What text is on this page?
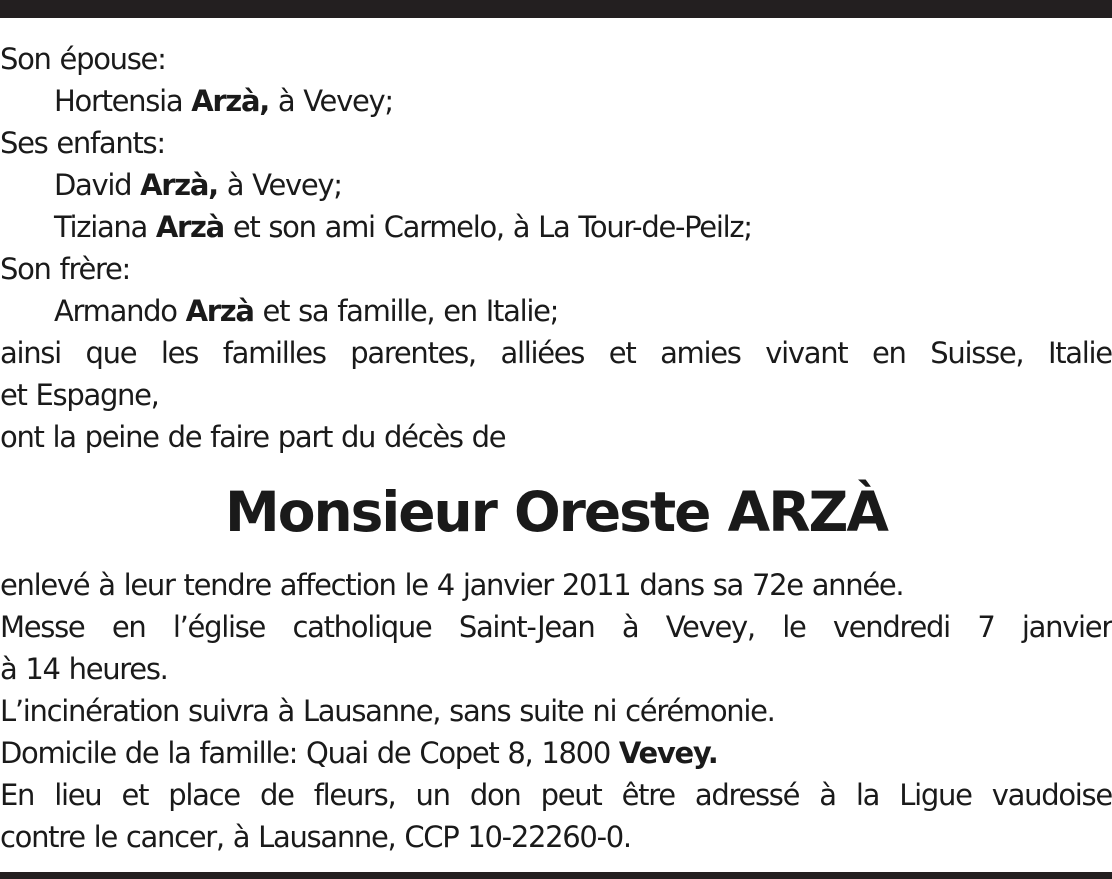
Son épouse:
Hortensia Arzà, à Vevey;
Ses enfants:
David Arzà, à Vevey;
Tiziana Arzà et son ami Carmelo, à La Tour-de-Peilz;
Son frère:
Armando Arzà et sa famille, en Italie;
ainsi que les familles parentes, alliées et amies vivant en Suisse, Italie
et Espagne,
ont la peine de faire part du décès de
Monsieur Oreste ARZÀ
enlevé à leur tendre affection le 4 janvier 2011 dans sa 72e année.
Messe en l’église catholique Saint-Jean à Vevey, le vendredi 7 janvier
à 14 heures.
L’incinération suivra à Lausanne, sans suite ni cérémonie.
Domicile de la famille: Quai de Copet 8, 1800 Vevey.
En lieu et place de fleurs, un don peut être adressé à la Ligue vaudoise
contre le cancer, à Lausanne, CCP 10-22260-0.
